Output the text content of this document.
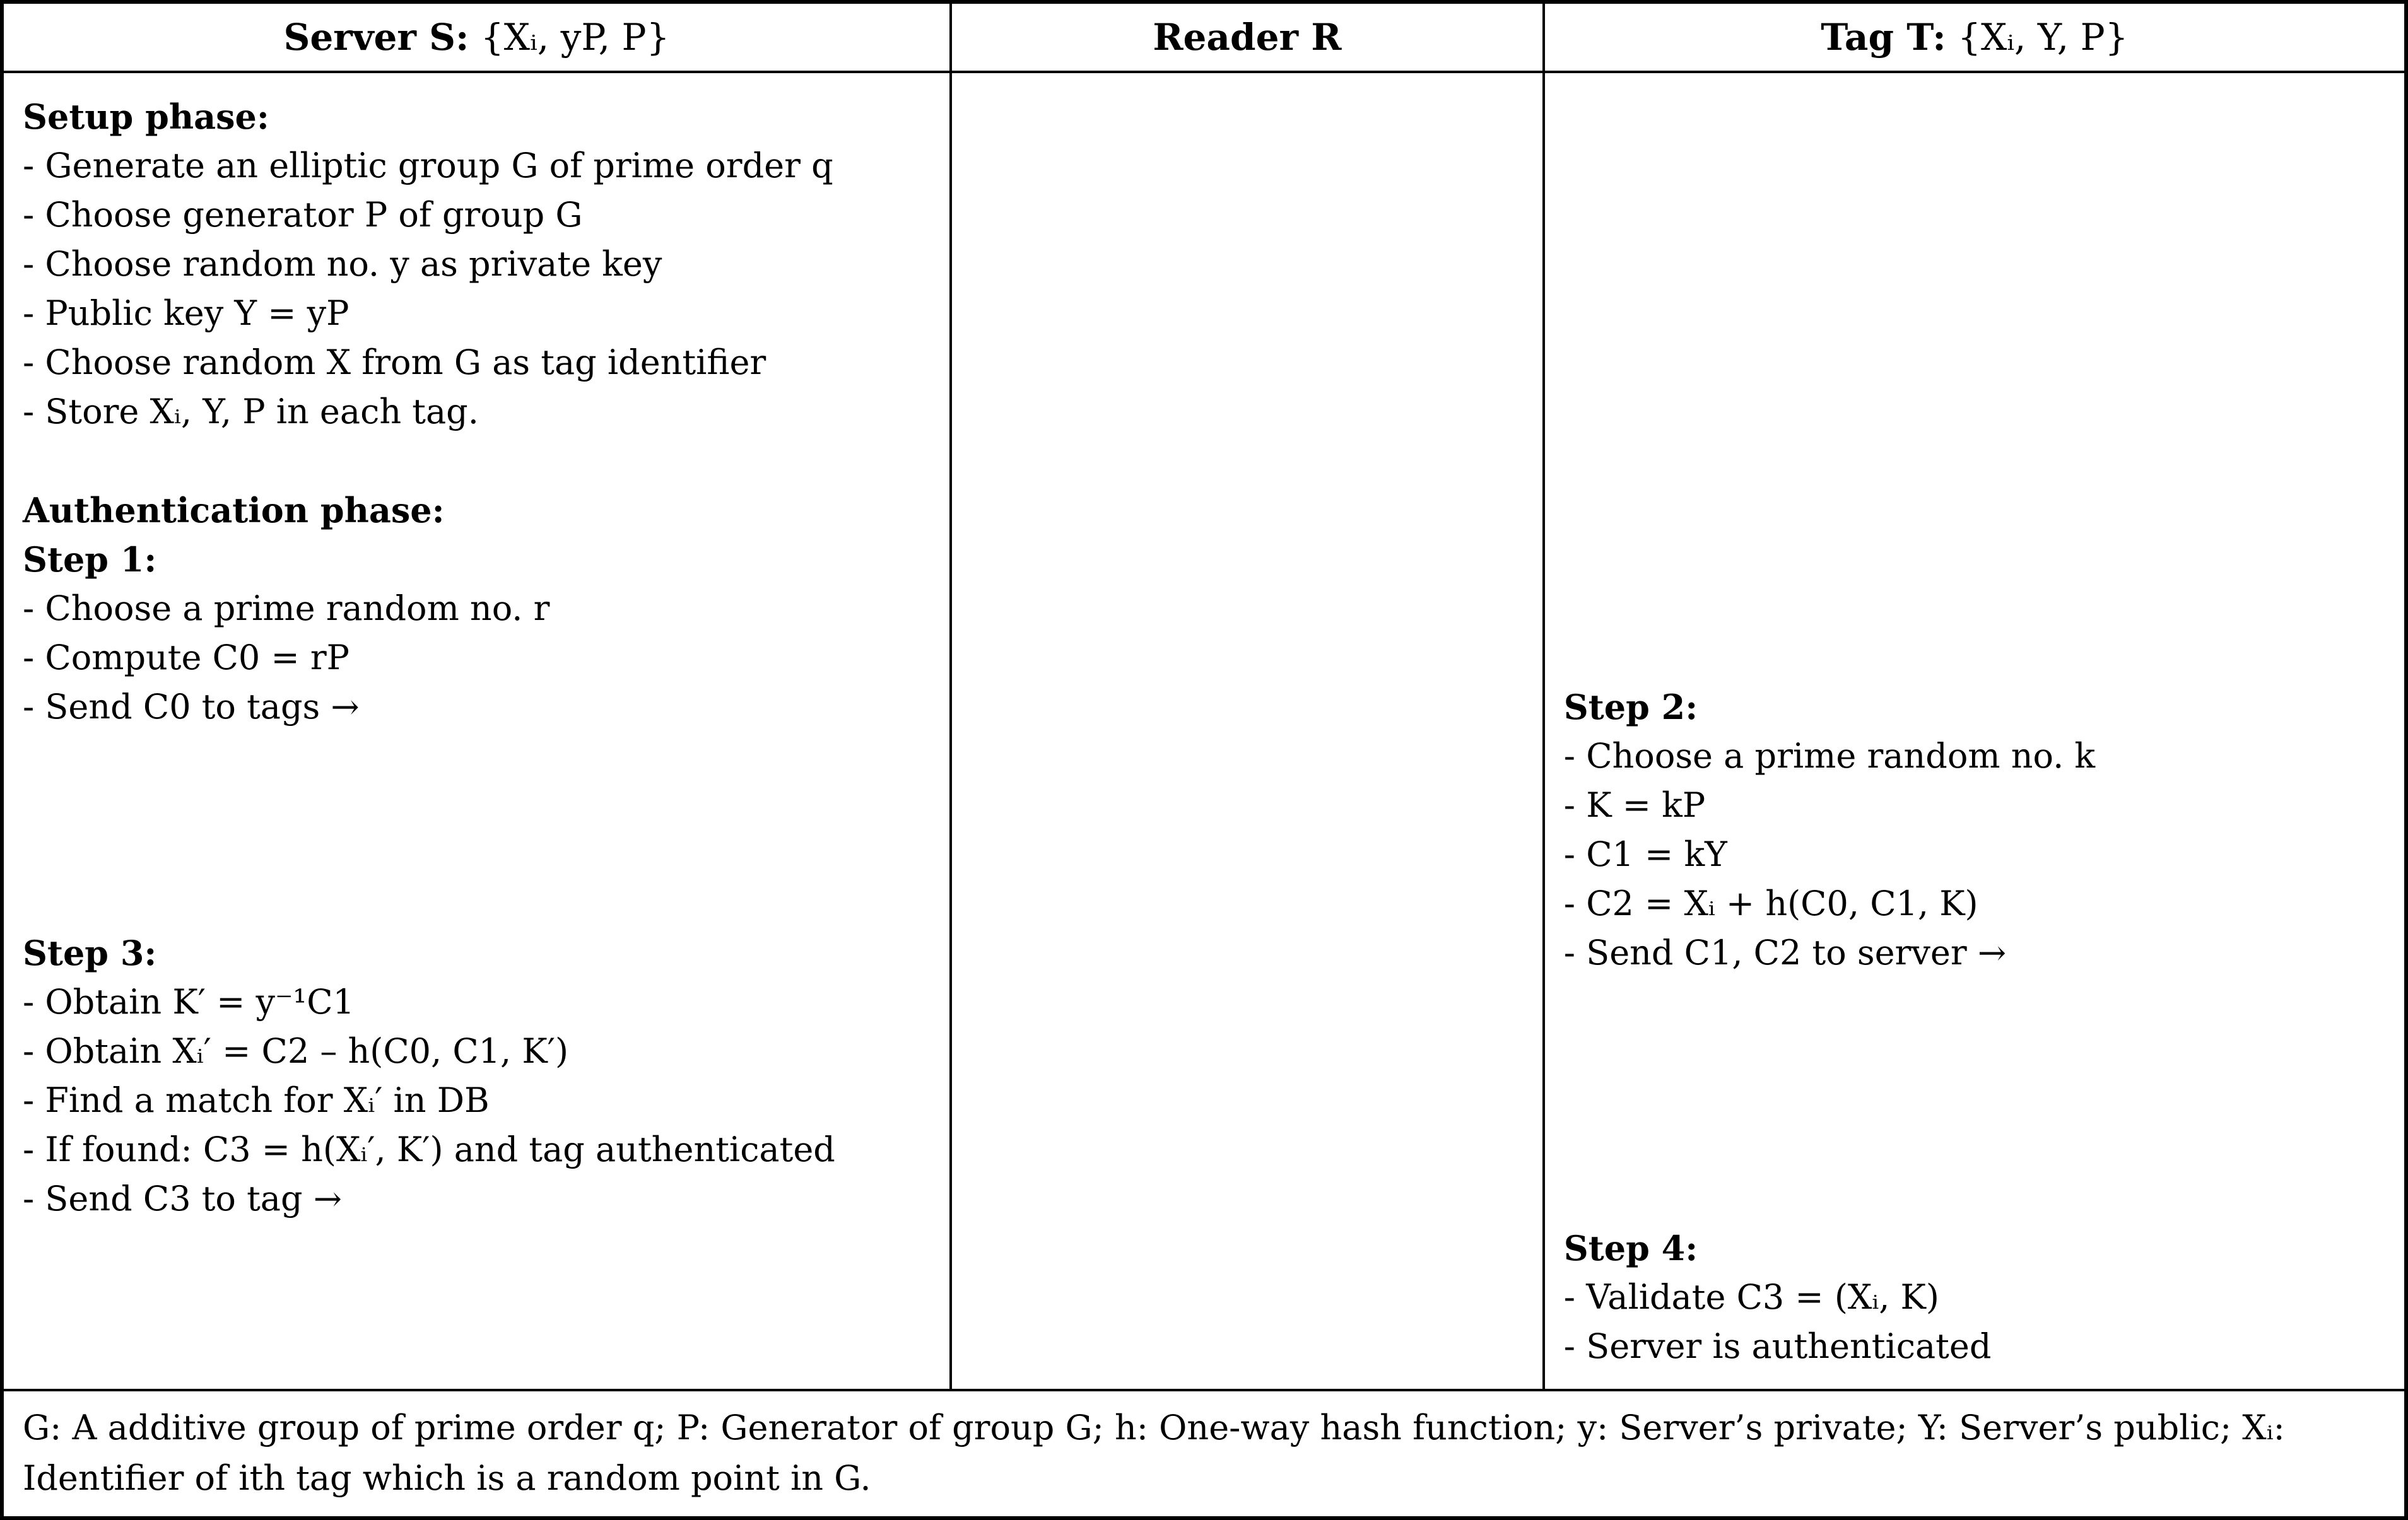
Server S: {Xᵢ, yP, P}	Reader R	Tag T: {Xᵢ, Y, P}
Setup phase:
- Generate an elliptic group G of prime order q
- Choose generator P of group G
- Choose random no. y as private key
- Public key Y = yP
- Choose random X from G as tag identifier
- Store Xᵢ, Y, P in each tag.

Authentication phase:
Step 1:
- Choose a prime random no. r
- Compute C0 = rP
- Send C0 to tags →

Step 3:
- Obtain K′ = y⁻¹C1
- Obtain Xᵢ′ = C2 – h(C0, C1, K′)
- Find a match for Xᵢ′ in DB
- If found: C3 = h(Xᵢ′, K′) and tag authenticated
- Send C3 to tag →

Step 2:
- Choose a prime random no. k
- K = kP
- C1 = kY
- C2 = Xᵢ + h(C0, C1, K)
- Send C1, C2 to server →

Step 4:
- Validate C3 = (Xᵢ, K)
- Server is authenticated
G: A additive group of prime order q; P: Generator of group G; h: One-way hash function; y: Server’s private; Y: Server’s public; Xᵢ: Identifier of ith tag which is a random point in G.
